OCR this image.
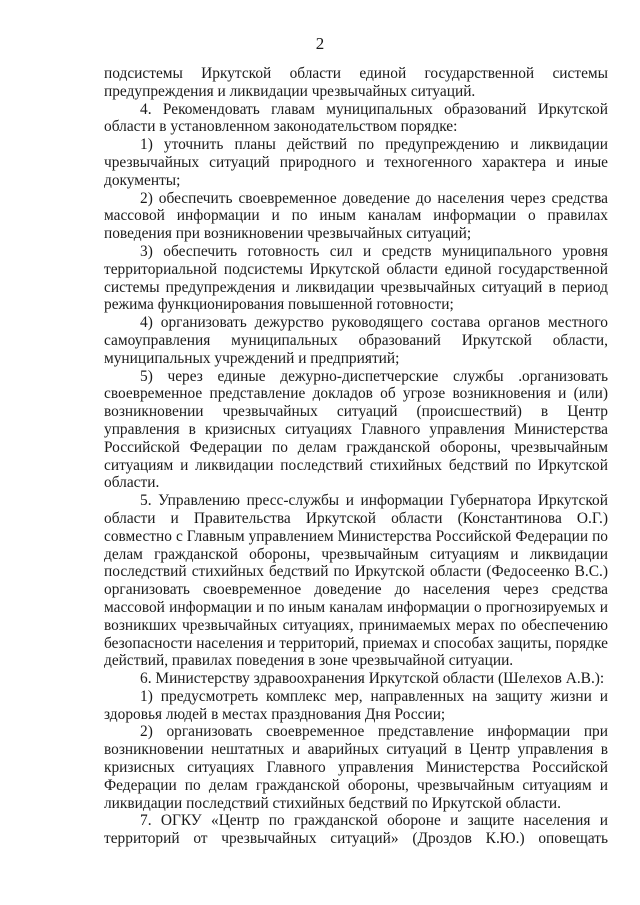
2

подсистемы Иркутской области единой государственной системы предупреждения и ликвидации чрезвычайных ситуаций.

4. Рекомендовать главам муниципальных образований Иркутской области в установленном законодательством порядке:

1) уточнить планы действий по предупреждению и ликвидации чрезвычайных ситуаций природного и техногенного характера и иные документы;

2) обеспечить своевременное доведение до населения через средства массовой информации и по иным каналам информации о правилах поведения при возникновении чрезвычайных ситуаций;

3) обеспечить готовность сил и средств муниципального уровня территориальной подсистемы Иркутской области единой государственной системы предупреждения и ликвидации чрезвычайных ситуаций в период режима функционирования повышенной готовности;

4) организовать дежурство руководящего состава органов местного самоуправления муниципальных образований Иркутской области, муниципальных учреждений и предприятий;

5) через единые дежурно-диспетчерские службы .организовать своевременное представление докладов об угрозе возникновения и (или) возникновении чрезвычайных ситуаций (происшествий) в Центр управления в кризисных ситуациях Главного управления Министерства Российской Федерации по делам гражданской обороны, чрезвычайным ситуациям и ликвидации последствий стихийных бедствий по Иркутской области.

5. Управлению пресс-службы и информации Губернатора Иркутской области и Правительства Иркутской области (Константинова О.Г.) совместно с Главным управлением Министерства Российской Федерации по делам гражданской обороны, чрезвычайным ситуациям и ликвидации последствий стихийных бедствий по Иркутской области (Федосеенко В.С.) организовать своевременное доведение до населения через средства массовой информации и по иным каналам информации о прогнозируемых и возникших чрезвычайных ситуациях, принимаемых мерах по обеспечению безопасности населения и территорий, приемах и способах защиты, порядке действий, правилах поведения в зоне чрезвычайной ситуации.

6. Министерству здравоохранения Иркутской области (Шелехов А.В.):

1) предусмотреть комплекс мер, направленных на защиту жизни и здоровья людей в местах празднования Дня России;

2) организовать своевременное представление информации при возникновении нештатных и аварийных ситуаций в Центр управления в кризисных ситуациях Главного управления Министерства Российской Федерации по делам гражданской обороны, чрезвычайным ситуациям и ликвидации последствий стихийных бедствий по Иркутской области.

7. ОГКУ «Центр по гражданской обороне и защите населения и территорий от чрезвычайных ситуаций» (Дроздов К.Ю.) оповещать
